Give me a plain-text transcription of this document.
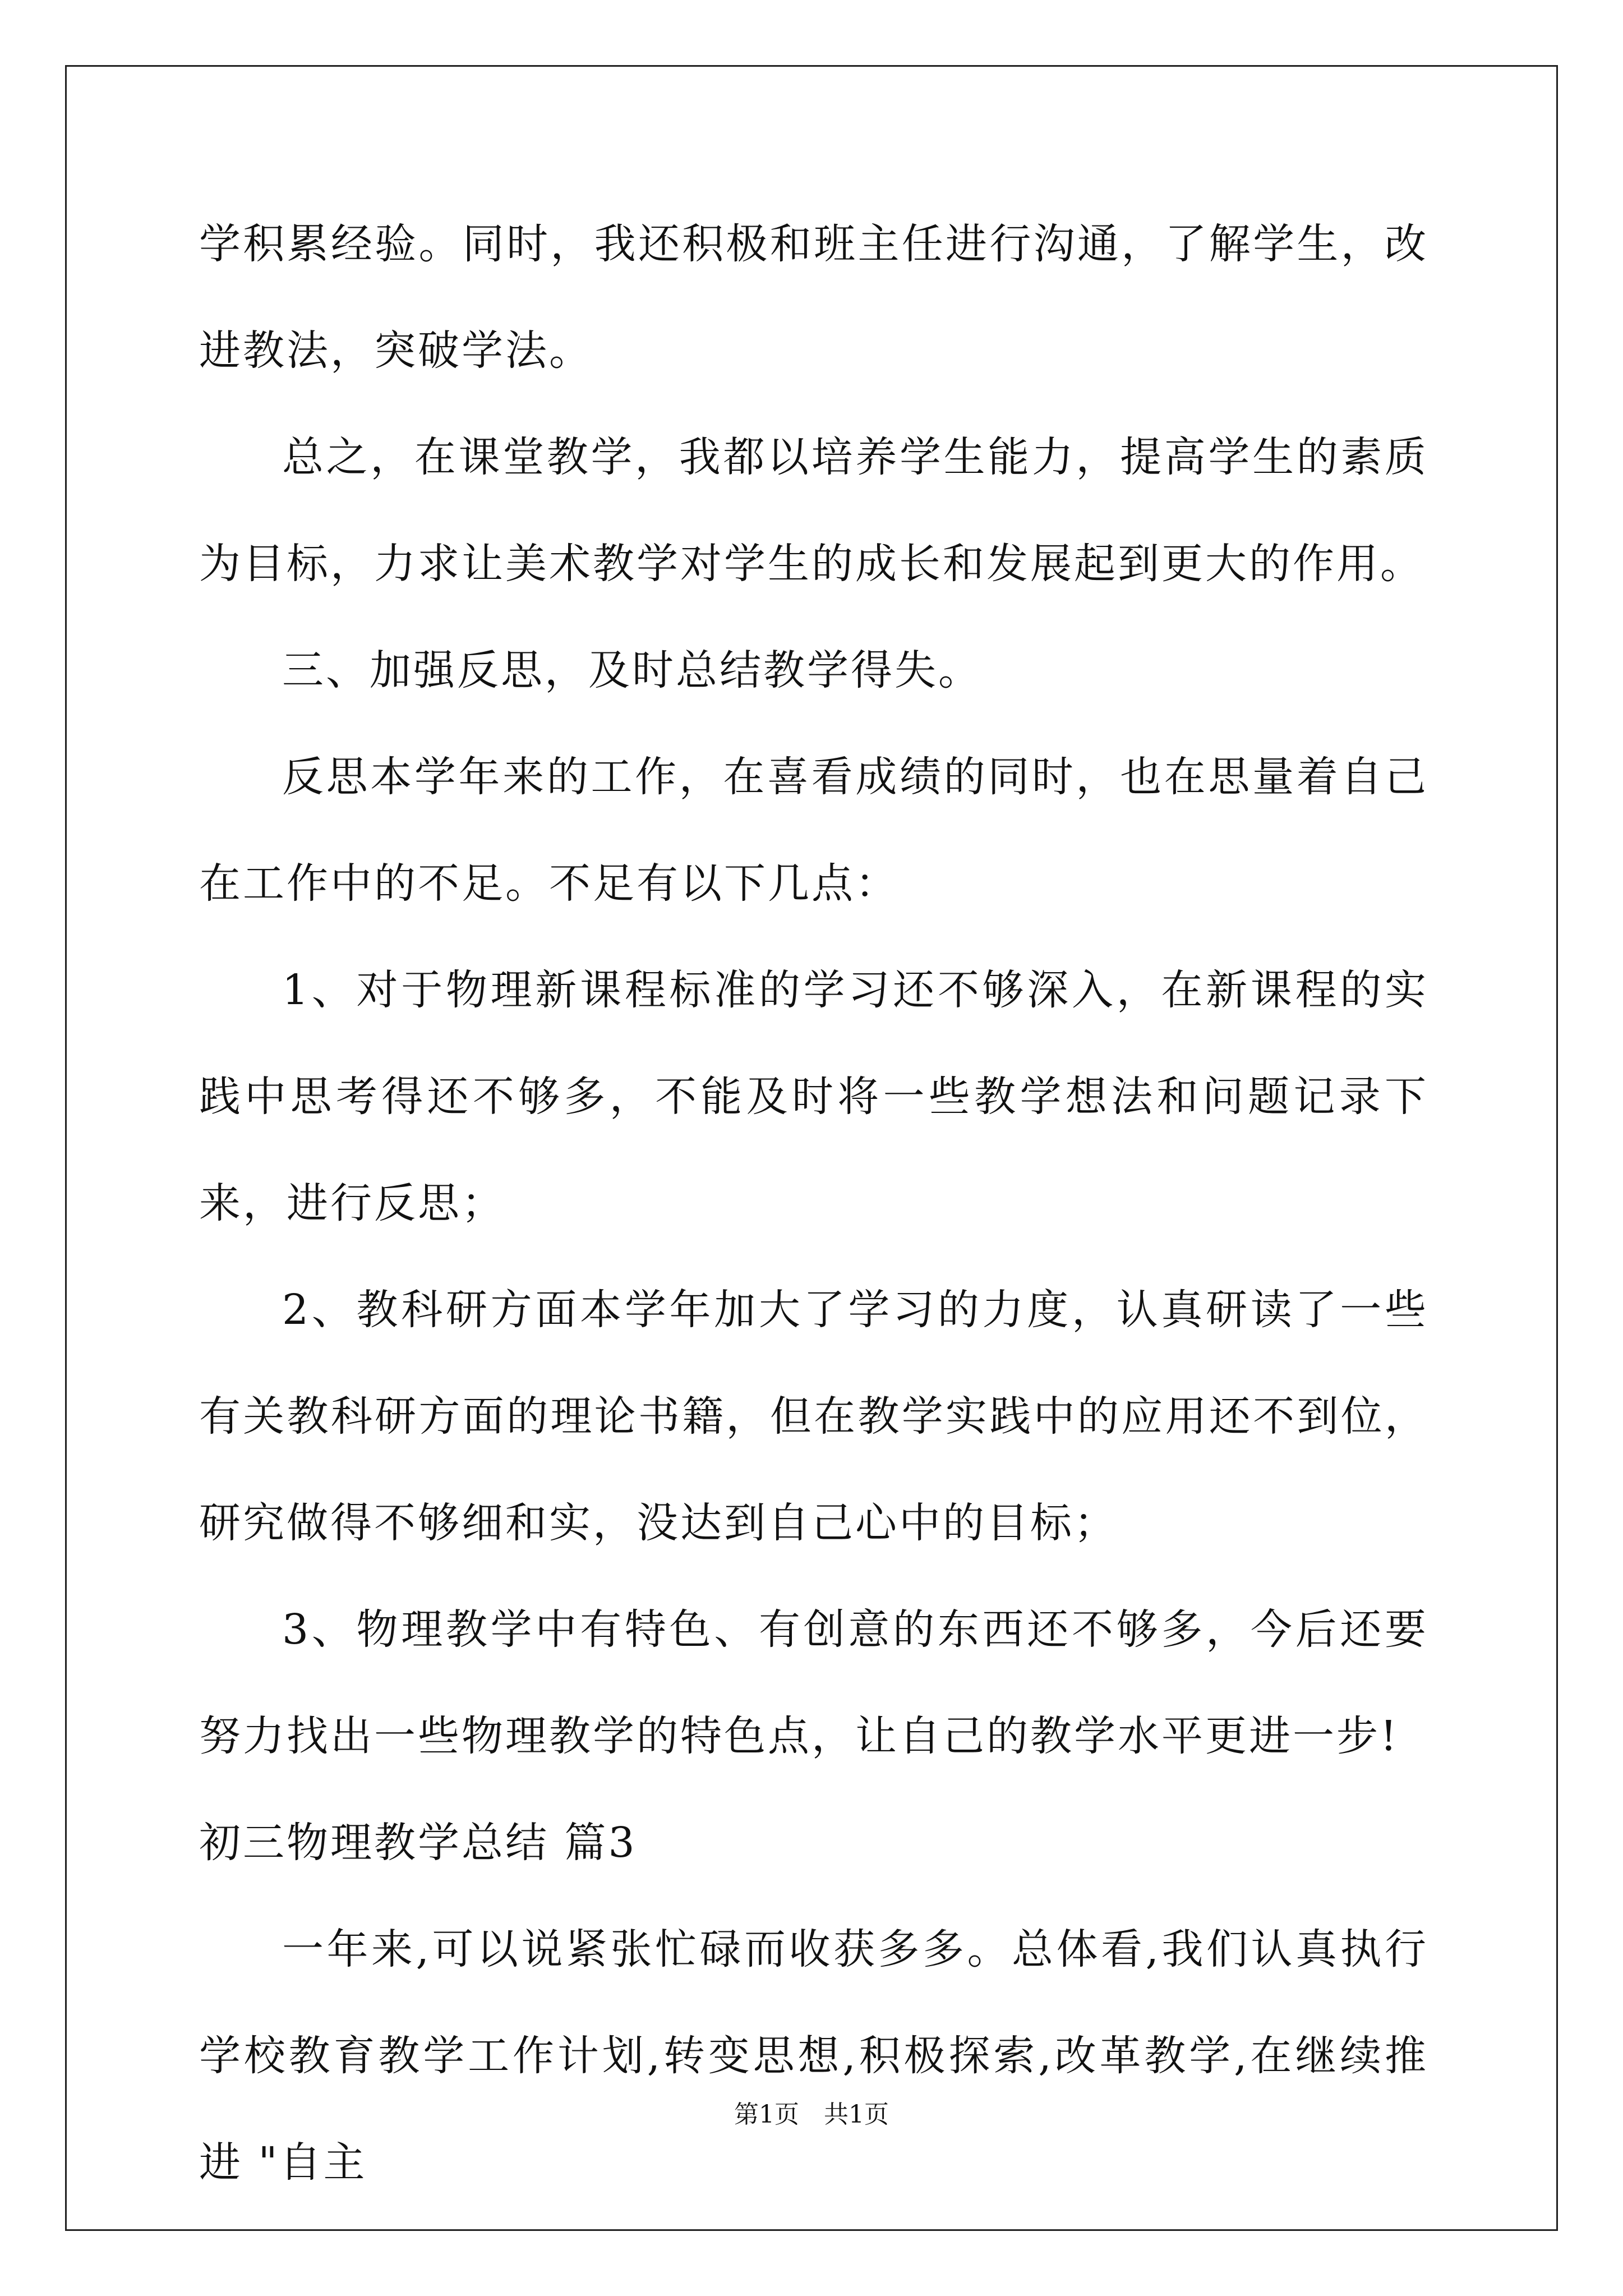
学积累经验。同时，我还积极和班主任进行沟通，了解学生，改进教法，突破学法。

总之，在课堂教学，我都以培养学生能力，提高学生的素质为目标，力求让美术教学对学生的成长和发展起到更大的作用。

三、加强反思，及时总结教学得失。

反思本学年来的工作，在喜看成绩的同时，也在思量着自己在工作中的不足。不足有以下几点：

1、对于物理新课程标准的学习还不够深入，在新课程的实践中思考得还不够多，不能及时将一些教学想法和问题记录下来，进行反思；

2、教科研方面本学年加大了学习的力度，认真研读了一些有关教科研方面的理论书籍，但在教学实践中的应用还不到位，研究做得不够细和实，没达到自己心中的目标；

3、物理教学中有特色、有创意的东西还不够多，今后还要努力找出一些物理教学的特色点，让自己的教学水平更进一步!

初三物理教学总结 篇3

一年来,可以说紧张忙碌而收获多多。总体看,我们认真执行学校教育教学工作计划,转变思想,积极探索,改革教学,在继续推进 "自主

第1页 共1页
